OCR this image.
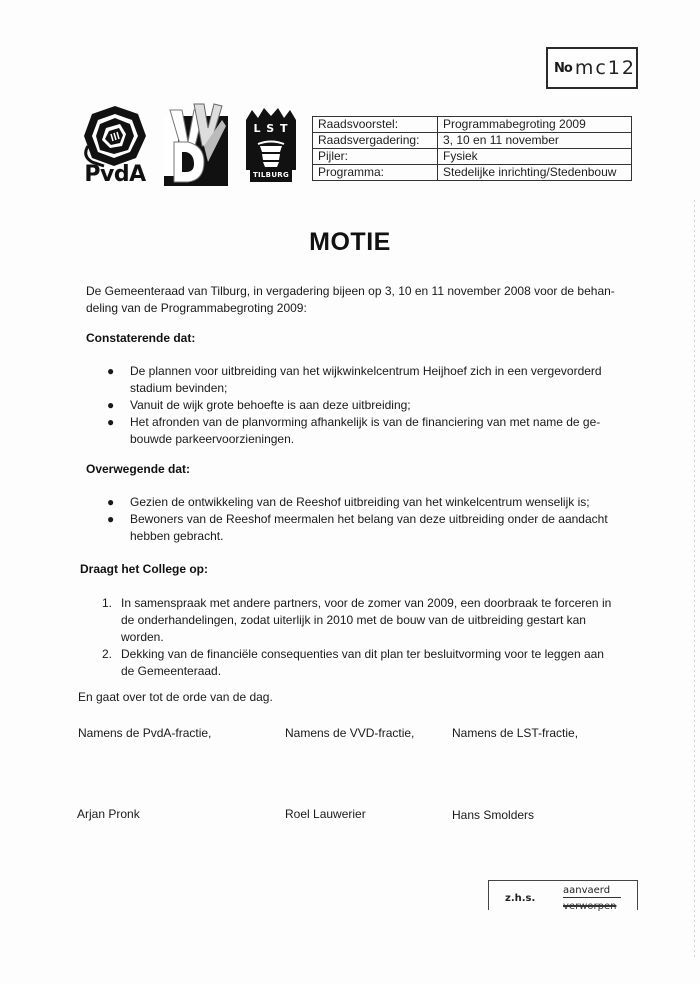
No mc12
PvdA
L S T
TILBURG
Raadsvoorstel:	Programmabegroting 2009
Raadsvergadering:	3, 10 en 11 november
Pijler:	Fysiek
Programma:	Stedelijke inrichting/Stedenbouw
MOTIE
De Gemeenteraad van Tilburg, in vergadering bijeen op 3, 10 en 11 november 2008 voor de behan-
deling van de Programmabegroting 2009:
Constaterende dat:
● De plannen voor uitbreiding van het wijkwinkelcentrum Heijhoef zich in een vergevorderd
stadium bevinden;
● Vanuit de wijk grote behoefte is aan deze uitbreiding;
● Het afronden van de planvorming afhankelijk is van de financiering van met name de ge-
bouwde parkeervoorzieningen.
Overwegende dat:
● Gezien de ontwikkeling van de Reeshof uitbreiding van het winkelcentrum wenselijk is;
● Bewoners van de Reeshof meermalen het belang van deze uitbreiding onder de aandacht
hebben gebracht.
Draagt het College op:
1. In samenspraak met andere partners, voor de zomer van 2009, een doorbraak te forceren in
de onderhandelingen, zodat uiterlijk in 2010 met de bouw van de uitbreiding gestart kan
worden.
2. Dekking van de financiële consequenties van dit plan ter besluitvorming voor te leggen aan
de Gemeenteraad.
En gaat over tot de orde van de dag.
Namens de PvdA-fractie,	Namens de VVD-fractie,	Namens de LST-fractie,
Arjan Pronk	Roel Lauwerier	Hans Smolders
z.h.s.
aanvaerd
verworpen
